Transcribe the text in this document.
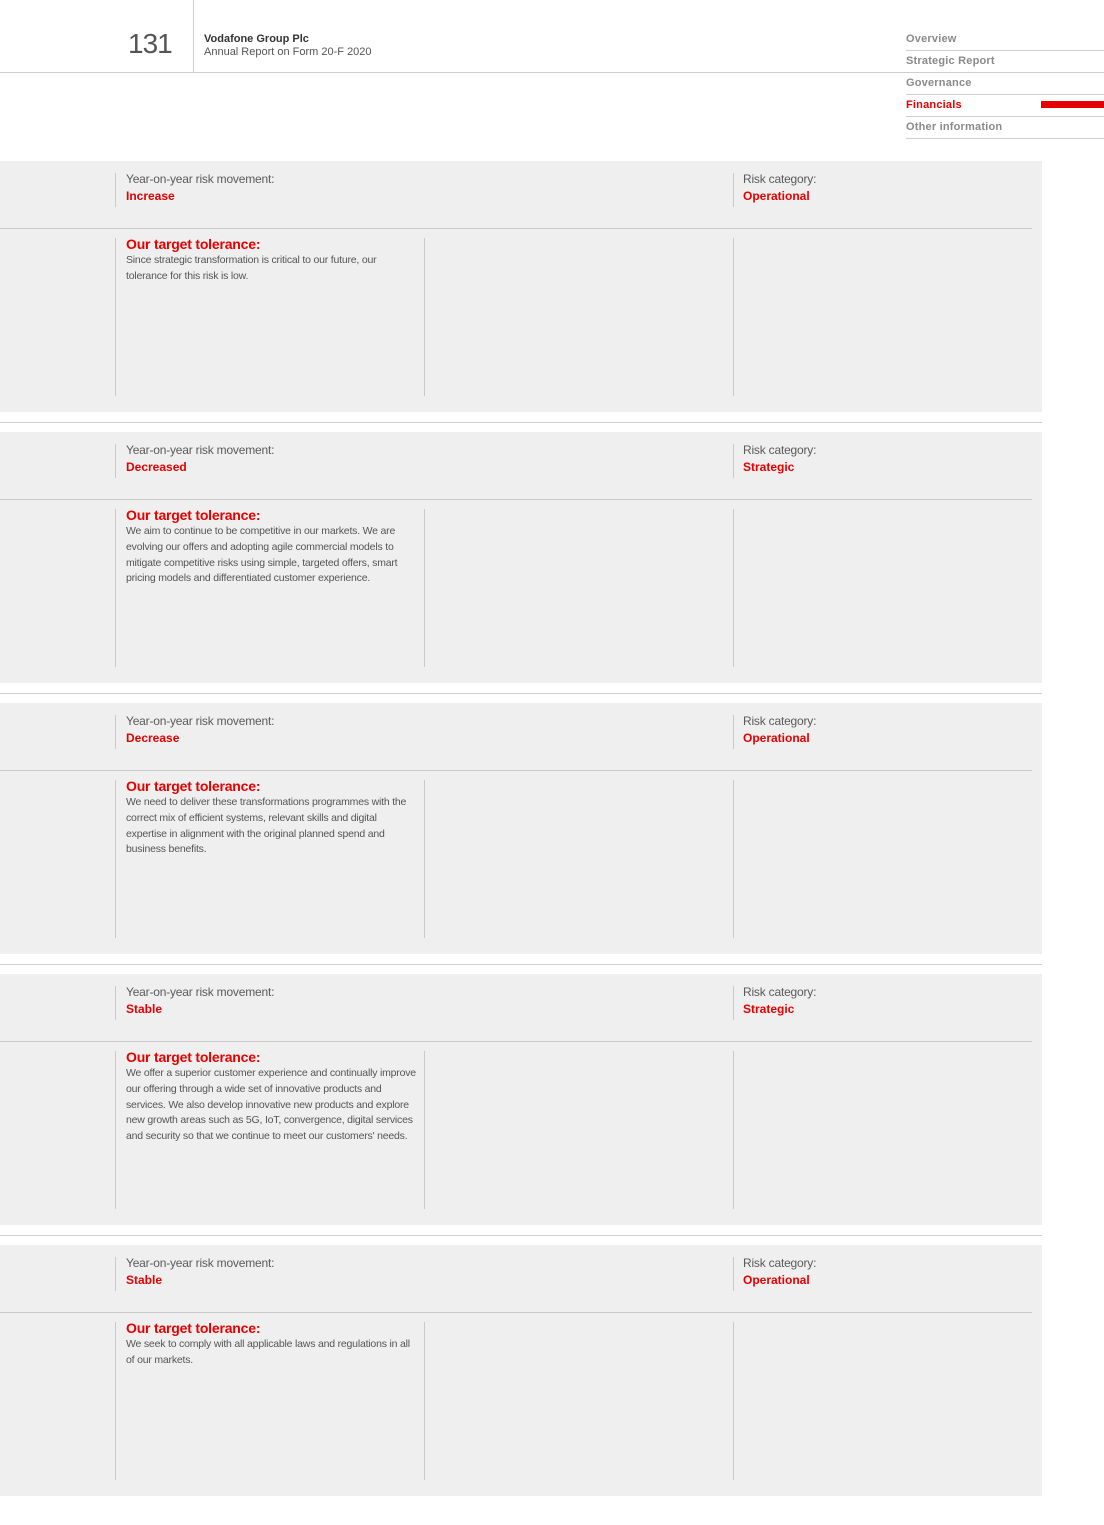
131	Vodafone Group Plc
Annual Report on Form 20-F 2020
Overview
Strategic Report
Governance
Financials
Other information
Year-on-year risk movement:
Increase
Risk category:
Operational
Our target tolerance:
Since strategic transformation is critical to our future, our tolerance for this risk is low.
Year-on-year risk movement:
Decreased
Risk category:
Strategic
Our target tolerance:
We aim to continue to be competitive in our markets. We are evolving our offers and adopting agile commercial models to mitigate competitive risks using simple, targeted offers, smart pricing models and differentiated customer experience.
Year-on-year risk movement:
Decrease
Risk category:
Operational
Our target tolerance:
We need to deliver these transformations programmes with the correct mix of efficient systems, relevant skills and digital expertise in alignment with the original planned spend and business benefits.
Year-on-year risk movement:
Stable
Risk category:
Strategic
Our target tolerance:
We offer a superior customer experience and continually improve our offering through a wide set of innovative products and services. We also develop innovative new products and explore new growth areas such as 5G, IoT, convergence, digital services and security so that we continue to meet our customers' needs.
Year-on-year risk movement:
Stable
Risk category:
Operational
Our target tolerance:
We seek to comply with all applicable laws and regulations in all of our markets.
